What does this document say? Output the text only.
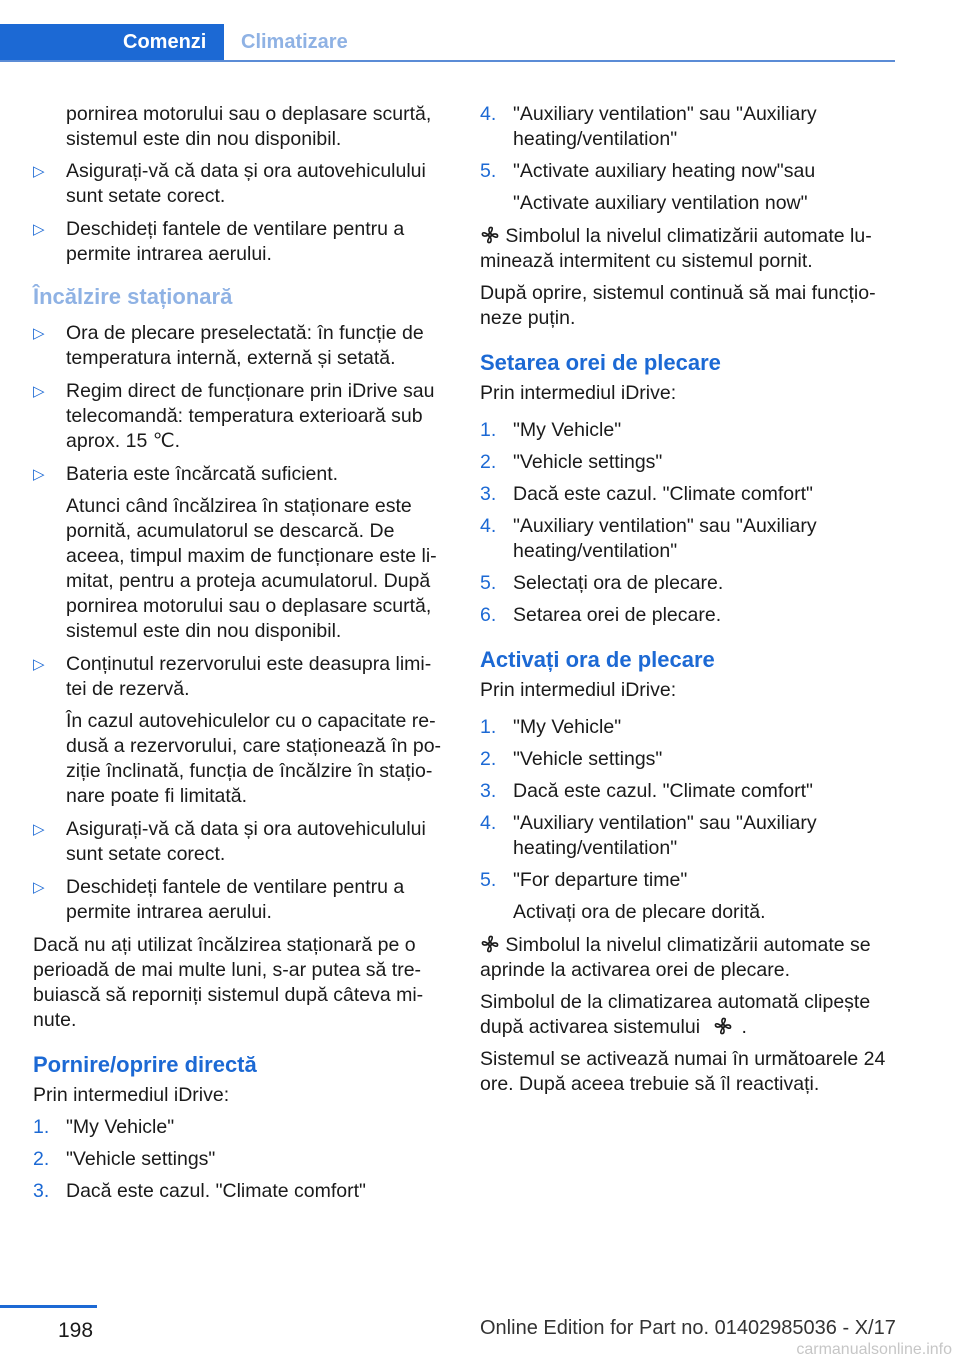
Comenzi	Climatizare

pornirea motorului sau o deplasare scurtă, sistemul este din nou disponibil.

▷ Asigurați-vă că data și ora autovehiculului sunt setate corect.
▷ Deschideți fantele de ventilare pentru a permite intrarea aerului.
Încălzire staționară
▷ Ora de plecare preselectată: în funcție de temperatura internă, externă și setată.
▷ Regim direct de funcționare prin iDrive sau telecomandă: temperatura exterioară sub aprox. 15 ℃.
▷ Bateria este încărcată suficient.
Atunci când încălzirea în staționare este pornită, acumulatorul se descarcă. De aceea, timpul maxim de funcționare este li-mitat, pentru a proteja acumulatorul. După pornirea motorului sau o deplasare scurtă, sistemul este din nou disponibil.
▷ Conținutul rezervorului este deasupra limi-tei de rezervă.
În cazul autovehiculelor cu o capacitate re-dusă a rezervorului, care staționează în po-ziție înclinată, funcția de încălzire în stațio-nare poate fi limitată.
▷ Asigurați-vă că data și ora autovehiculului sunt setate corect.
▷ Deschideți fantele de ventilare pentru a permite intrarea aerului.

Dacă nu ați utilizat încălzirea staționară pe o perioadă de mai multe luni, s-ar putea să tre-buiască să reporniți sistemul după câteva mi-nute.

Pornire/oprire directă

Prin intermediul iDrive:

1. "My Vehicle"
2. "Vehicle settings"
3. Dacă este cazul. "Climate comfort"
4. "Auxiliary ventilation" sau "Auxiliary heating/ventilation"
5. "Activate auxiliary heating now"sau
"Activate auxiliary ventilation now"

Simbolul la nivelul climatizării automate lu-minează intermitent cu sistemul pornit.

După oprire, sistemul continuă să mai funcțio-neze puțin.

Setarea orei de plecare

Prin intermediul iDrive:

1. "My Vehicle"
2. "Vehicle settings"
3. Dacă este cazul. "Climate comfort"
4. "Auxiliary ventilation" sau "Auxiliary heating/ventilation"
5. Selectați ora de plecare.
6. Setarea orei de plecare.
Activați ora de plecare

Prin intermediul iDrive:

1. "My Vehicle"
2. "Vehicle settings"
3. Dacă este cazul. "Climate comfort"
4. "Auxiliary ventilation" sau "Auxiliary heating/ventilation"
5. "For departure time"
Activați ora de plecare dorită.

Simbolul la nivelul climatizării automate se aprinde la activarea orei de plecare.

Simbolul de la climatizarea automată clipește după activarea sistemului .

Sistemul se activează numai în următoarele 24 ore. După aceea trebuie să îl reactivați.

198	Online Edition for Part no. 01402985036 - X/17
carmanualsonline.info
